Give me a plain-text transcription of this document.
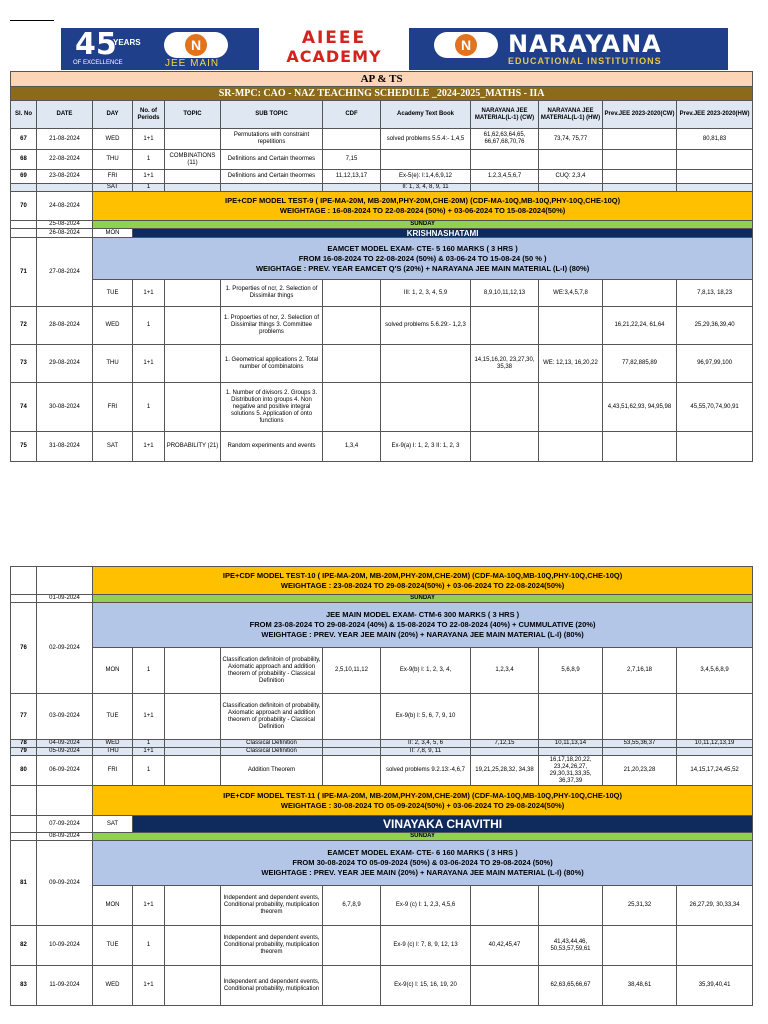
45
YEARS
OF EXCELLENCE
N
JEE MAIN
AIEEE
ACADEMY
N NARAYANA
EDUCATIONAL INSTITUTIONS
AP & TS											
SR-MPC: CAO - NAZ TEACHING SCHEDULE _2024-2025_MATHS - IIA											
Sl. No	DATE	DAY	No. of Periods	TOPIC	SUB TOPIC	CDF	Academy Text Book	NARAYANA JEE MATERIAL(L-1) (CW)	NARAYANA JEE MATERIAL(L-1) (HW)	Prev.JEE 2023-2020(CW)	Prev.JEE 2023-2020(HW)
67	21-08-2024	WED	1+1		Permutations with constraint repetitions		solved problems 5.5.4:- 1,4,5	61,62,63,64,65, 66,67,68,70,76	73,74, 75,77		80,81,83
68	22-08-2024	THU	1	COMBINATIONS (11)	Definitions and Certain theormes	7,15					
69	23-08-2024	FRI	1+1		Definitions and Certain theormes	11,12,13,17	Ex-5(e): I:1,4,6,9,12	1,2,3,4,5,6,7	CUQ: 2,3,4		
		SAT	1				II: 1, 3, 4, 8, 9, 11				
70	24-08-2024	IPE+CDF MODEL TEST-9 ( IPE-MA-20M, MB-20M,PHY-20M,CHE-20M) (CDF-MA-10Q,MB-10Q,PHY-10Q,CHE-10Q)
WEIGHTAGE : 16-08-2024 TO 22-08-2024 (50%) + 03-06-2024 TO 15-08-2024(50%)									

	25-08-2024	SUNDAY									
	26-08-2024	MON	KRISHNASHATAMI								
71	27-08-2024	EAMCET MODEL EXAM- CTE- 5 160 MARKS ( 3 HRS )
FROM 16-08-2024 TO 22-08-2024 (50%) & 03-06-24 TO 15-08-24 (50 % )
WEIGHTAGE : PREV. YEAR EAMCET Q'S (20%) + NARAYANA JEE MAIN MATERIAL (L-I) (80%)									

		TUE	1+1		1. Properties of ncr, 2. Selection of Dissimilar things		III: 1, 2, 3, 4, 5,9	8,9,10,11,12,13	WE:3,4,5,7,8		7,8,13, 18,23
72	28-08-2024	WED	1		1. Propoerties of ncr, 2. Selection of Dissimilar things 3. Committee problems		solved problems 5.6.29:- 1,2,3			16,21,22,24, 61,64	25,29,36,39,40
73	29-08-2024	THU	1+1		1. Geometrical applications 2. Total number of combinatoins			14,15,16,20, 23,27,30, 35,38	WE: 12,13, 16,20,22	77,82,885,89	96,97,99,100
74	30-08-2024	FRI	1		1. Number of divisors 2. Groups 3. Distribution into groups 4. Non negative and positive integral solutions 5. Application of onto functions					4,43,51,62,93, 94,95,98	45,55,70,74,90,91
75	31-08-2024	SAT	1+1	PROBABILITY (21)	Random experiments and events	1,3,4	Ex-9(a) I: 1, 2, 3 II: 1, 2, 3				

		IPE+CDF MODEL TEST-10 ( IPE-MA-20M, MB-20M,PHY-20M,CHE-20M) (CDF-MA-10Q,MB-10Q,PHY-10Q,CHE-10Q)
WEIGHTAGE : 23-08-2024 TO 29-08-2024(50%) + 03-06-2024 TO 22-08-2024(50%)									

	01-09-2024	SUNDAY									
76	02-09-2024	JEE MAIN MODEL EXAM- CTM-6 300 MARKS ( 3 HRS )
FROM 23-08-2024 TO 29-08-2024 (40%) & 15-08-2024 TO 22-08-2024 (40%) + CUMMULATIVE (20%)
WEIGHTAGE : PREV. YEAR JEE MAIN (20%) + NARAYANA JEE MAIN MATERIAL (L-I) (80%)									

		MON	1		Classification definitoin of probability, Axiomatic approach and addition theorem of probability - Classical Definition	2,5,10,11,12	Ex-9(b) I: 1, 2, 3, 4,	1,2,3,4	5,6,8,9	2,7,16,18	3,4,5,6,8,9
77	03-09-2024	TUE	1+1		Classification definitoin of probability, Axiomatic approach and addition theorem of probability - Classical Definition		Ex-9(b) I: 5, 6, 7, 9, 10				
78	04-09-2024	WED	1		Classical Definition		II: 2, 3,4, 5, 6	7,12,15	10,11,13,14	53,55,36,37	10,11,12,13,19
79	05-09-2024	THU	1+1		Classical Definition		II: 7,8, 9, 11				
80	06-09-2024	FRI	1		Addition Theorem		solved problems 9.2.13:-4,6,7	19,21,25,28,32, 34,38	16,17,18,20,22, 23,24,26,27, 29,30,31,33,35, 36,37,39	21,20,23,28	14,15,17,24,45,52

		IPE+CDF MODEL TEST-11 ( IPE-MA-20M, MB-20M,PHY-20M,CHE-20M) (CDF-MA-10Q,MB-10Q,PHY-10Q,CHE-10Q)
WEIGHTAGE : 30-08-2024 TO 05-09-2024(50%) + 03-06-2024 TO 29-08-2024(50%)									

	07-09-2024	SAT	VINAYAKA CHAVITHI								
	08-09-2024	SUNDAY									
81	09-09-2024	EAMCET MODEL EXAM- CTE- 6 160 MARKS ( 3 HRS )
FROM 30-08-2024 TO 05-09-2024 (50%) & 03-06-2024 TO 29-08-2024 (50%)
WEIGHTAGE : PREV. YEAR JEE MAIN (20%) + NARAYANA JEE MAIN MATERIAL (L-I) (80%)									

		MON	1+1		Independent and dependent events, Conditional probability, mutiplication theorem	6,7,8,9	Ex-9 (c) I: 1, 2,3, 4,5,6			25,31,32	26,27,29, 30,33,34
82	10-09-2024	TUE	1		Independent and dependent events, Conditional probability, mutiplication theorem		Ex-9 (c) I: 7, 8, 9, 12, 13	40,42,45,47	41,43,44,46, 50,53,57,59,61		
83	11-09-2024	WED	1+1		Independent and dependent events, Conditional probability, mutiplication		Ex-9(c) I: 15, 16, 19, 20		62,63,65,66,67	38,48,61	35,39,40,41
